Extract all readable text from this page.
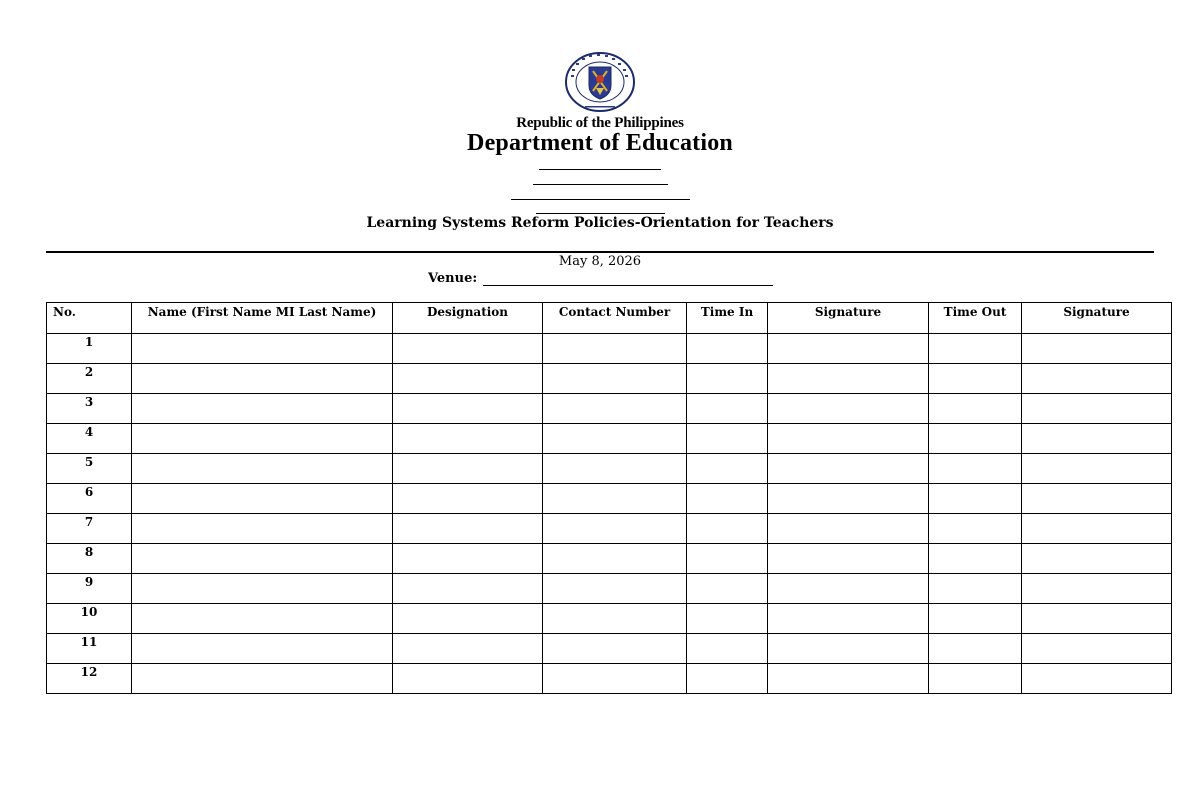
Republic of the Philippines
Department of Education
Learning Systems Reform Policies-Orientation for Teachers
May 8, 2026
Venue:
No.	Name (First Name MI Last Name)	Designation	Contact Number	Time In	Signature	Time Out	Signature
1							
2							
3							
4							
5							
6							
7							
8							
9							
10							
11							
12							
